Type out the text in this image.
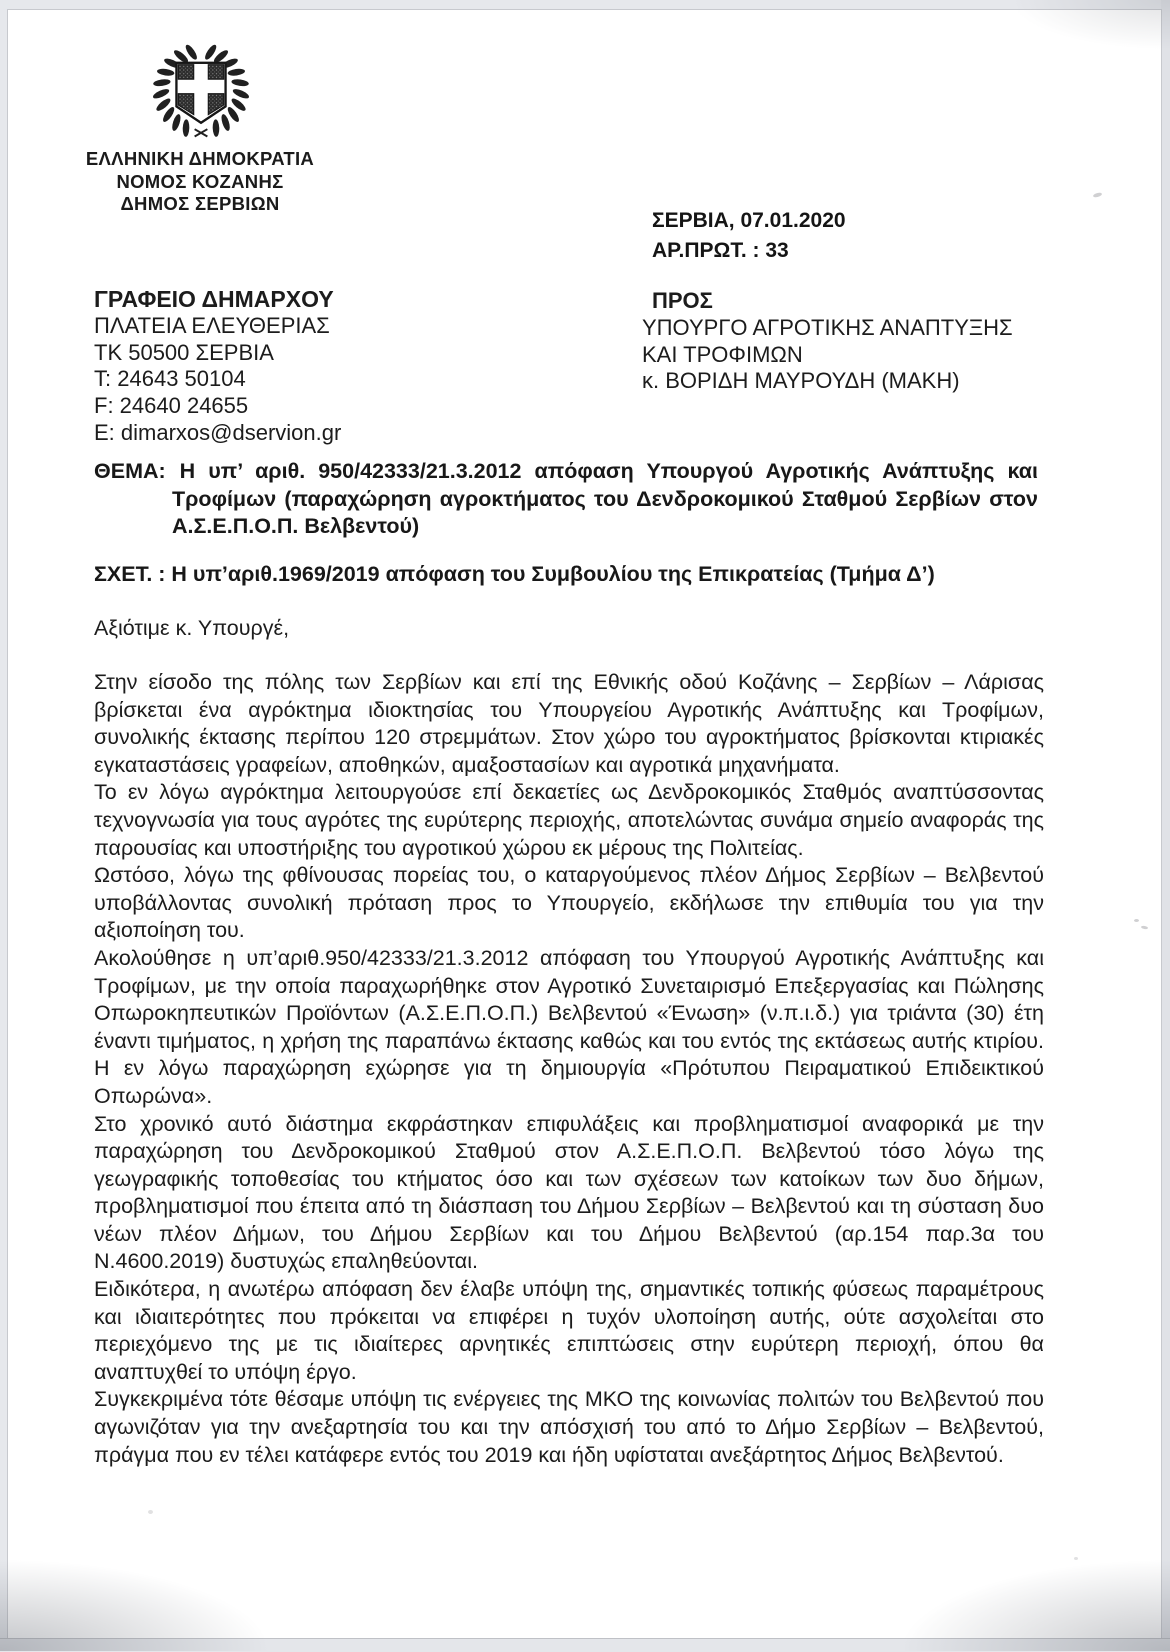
ΕΛΛΗΝΙΚΗ ΔΗΜΟΚΡΑΤΙΑ
ΝΟΜΟΣ ΚΟΖΑΝΗΣ
ΔΗΜΟΣ ΣΕΡΒΙΩΝ
ΣΕΡΒΙΑ, 07.01.2020
ΑΡ.ΠΡΩΤ. : 33
ΓΡΑΦΕΙΟ ΔΗΜΑΡΧΟΥ
ΠΛΑΤΕΙΑ ΕΛΕΥΘΕΡΙΑΣ
ΤΚ 50500 ΣΕΡΒΙΑ
Τ: 24643 50104
F: 24640 24655
E: dimarxos@dservion.gr
ΠΡΟΣ
ΥΠΟΥΡΓΟ ΑΓΡΟΤΙΚΗΣ ΑΝΑΠΤΥΞΗΣ
ΚΑΙ ΤΡΟΦΙΜΩΝ
κ. ΒΟΡΙΔΗ ΜΑΥΡΟΥΔΗ (ΜΑΚΗ)
ΘΕΜΑ: Η υπ’ αριθ. 950/42333/21.3.2012 απόφαση Υπουργού Αγροτικής Ανάπτυξης και Τροφίμων (παραχώρηση αγροκτήματος του Δενδροκομικού Σταθμού Σερβίων στον Α.Σ.Ε.Π.Ο.Π. Βελβεντού)
ΣΧΕΤ. : Η υπ’αριθ.1969/2019 απόφαση του Συμβουλίου της Επικρατείας (Τμήμα Δ’)
Αξιότιμε κ. Υπουργέ,

Στην είσοδο της πόλης των Σερβίων και επί της Εθνικής οδού Κοζάνης – Σερβίων – Λάρισας βρίσκεται ένα αγρόκτημα ιδιοκτησίας του Υπουργείου Αγροτικής Ανάπτυξης και Τροφίμων, συνολικής έκτασης περίπου 120 στρεμμάτων. Στον χώρο του αγροκτήματος βρίσκονται κτιριακές εγκαταστάσεις γραφείων, αποθηκών, αμαξοστασίων και αγροτικά μηχανήματα.

Το εν λόγω αγρόκτημα λειτουργούσε επί δεκαετίες ως Δενδροκομικός Σταθμός αναπτύσσοντας τεχνογνωσία για τους αγρότες της ευρύτερης περιοχής, αποτελώντας συνάμα σημείο αναφοράς της παρουσίας και υποστήριξης του αγροτικού χώρου εκ μέρους της Πολιτείας.

Ωστόσο, λόγω της φθίνουσας πορείας του, ο καταργούμενος πλέον Δήμος Σερβίων – Βελβεντού υποβάλλοντας συνολική πρόταση προς το Υπουργείο, εκδήλωσε την επιθυμία του για την αξιοποίηση του.

Ακολούθησε η υπ’αριθ.950/42333/21.3.2012 απόφαση του Υπουργού Αγροτικής Ανάπτυξης και Τροφίμων, με την οποία παραχωρήθηκε στον Αγροτικό Συνεταιρισμό Επεξεργασίας και Πώλησης Οπωροκηπευτικών Προϊόντων (Α.Σ.Ε.Π.Ο.Π.) Βελβεντού «Ένωση» (ν.π.ι.δ.) για τριάντα (30) έτη έναντι τιμήματος, η χρήση της παραπάνω έκτασης καθώς και του εντός της εκτάσεως αυτής κτιρίου. Η εν λόγω παραχώρηση εχώρησε για τη δημιουργία «Πρότυπου Πειραματικού Επιδεικτικού Οπωρώνα».

Στο χρονικό αυτό διάστημα εκφράστηκαν επιφυλάξεις και προβληματισμοί αναφορικά με την παραχώρηση του Δενδροκομικού Σταθμού στον Α.Σ.Ε.Π.Ο.Π. Βελβεντού τόσο λόγω της γεωγραφικής τοποθεσίας του κτήματος όσο και των σχέσεων των κατοίκων των δυο δήμων, προβληματισμοί που έπειτα από τη διάσπαση του Δήμου Σερβίων – Βελβεντού και τη σύσταση δυο νέων πλέον Δήμων, του Δήμου Σερβίων και του Δήμου Βελβεντού (αρ.154 παρ.3α του Ν.4600.2019) δυστυχώς επαληθεύονται.

Ειδικότερα, η ανωτέρω απόφαση δεν έλαβε υπόψη της, σημαντικές τοπικής φύσεως παραμέτρους και ιδιαιτερότητες που πρόκειται να επιφέρει η τυχόν υλοποίηση αυτής, ούτε ασχολείται στο περιεχόμενο της με τις ιδιαίτερες αρνητικές επιπτώσεις στην ευρύτερη περιοχή, όπου θα αναπτυχθεί το υπόψη έργο.

Συγκεκριμένα τότε θέσαμε υπόψη τις ενέργειες της ΜΚΟ της κοινωνίας πολιτών του Βελβεντού που αγωνιζόταν για την ανεξαρτησία του και την απόσχισή του από το Δήμο Σερβίων – Βελβεντού, πράγμα που εν τέλει κατάφερε εντός του 2019 και ήδη υφίσταται ανεξάρτητος Δήμος Βελβεντού.
